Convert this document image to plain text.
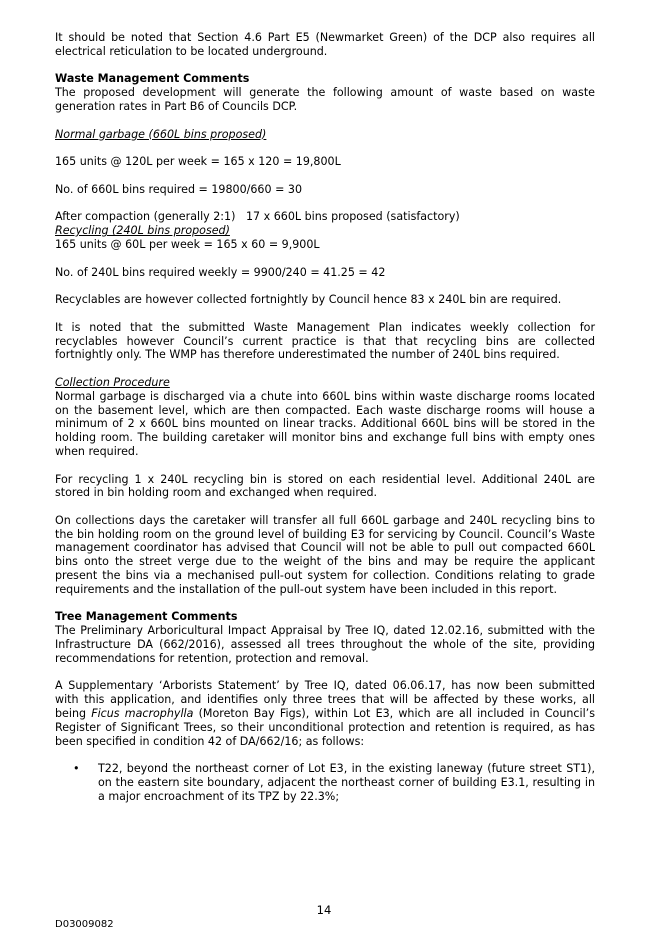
It should be noted that Section 4.6 Part E5 (Newmarket Green) of the DCP also requires all electrical reticulation to be located underground.

Waste Management Comments

The proposed development will generate the following amount of waste based on waste generation rates in Part B6 of Councils DCP.

Normal garbage (660L bins proposed)

165 units @ 120L per week = 165 x 120 = 19,800L

No. of 660L bins required = 19800/660 = 30

After compaction (generally 2:1)   17 x 660L bins proposed (satisfactory)

Recycling (240L bins proposed)

165 units @ 60L per week = 165 x 60 = 9,900L

No. of 240L bins required weekly = 9900/240 = 41.25 = 42

Recyclables are however collected fortnightly by Council hence 83 x 240L bin are required.

It is noted that the submitted Waste Management Plan indicates weekly collection for recyclables however Council’s current practice is that that recycling bins are collected fortnightly only. The WMP has therefore underestimated the number of 240L bins required.

Collection Procedure

Normal garbage is discharged via a chute into 660L bins within waste discharge rooms located on the basement level, which are then compacted. Each waste discharge rooms will house a minimum of 2 x 660L bins mounted on linear tracks. Additional 660L bins will be stored in the holding room. The building caretaker will monitor bins and exchange full bins with empty ones when required.

For recycling 1 x 240L recycling bin is stored on each residential level. Additional 240L are stored in bin holding room and exchanged when required.

On collections days the caretaker will transfer all full 660L garbage and 240L recycling bins to the bin holding room on the ground level of building E3 for servicing by Council. Council’s Waste management coordinator has advised that Council will not be able to pull out compacted 660L bins onto the street verge due to the weight of the bins and may be require the applicant present the bins via a mechanised pull-out system for collection. Conditions relating to grade requirements and the installation of the pull-out system have been included in this report.

Tree Management Comments

The Preliminary Arboricultural Impact Appraisal by Tree IQ, dated 12.02.16, submitted with the Infrastructure DA (662/2016), assessed all trees throughout the whole of the site, providing recommendations for retention, protection and removal.

A Supplementary ‘Arborists Statement’ by Tree IQ, dated 06.06.17, has now been submitted with this application, and identifies only three trees that will be affected by these works, all being Ficus macrophylla (Moreton Bay Figs), within Lot E3, which are all included in Council’s Register of Significant Trees, so their unconditional protection and retention is required, as has been specified in condition 42 of DA/662/16; as follows:

• T22, beyond the northeast corner of Lot E3, in the existing laneway (future street ST1), on the eastern site boundary, adjacent the northeast corner of building E3.1, resulting in a major encroachment of its TPZ by 22.3%;
14
D03009082
